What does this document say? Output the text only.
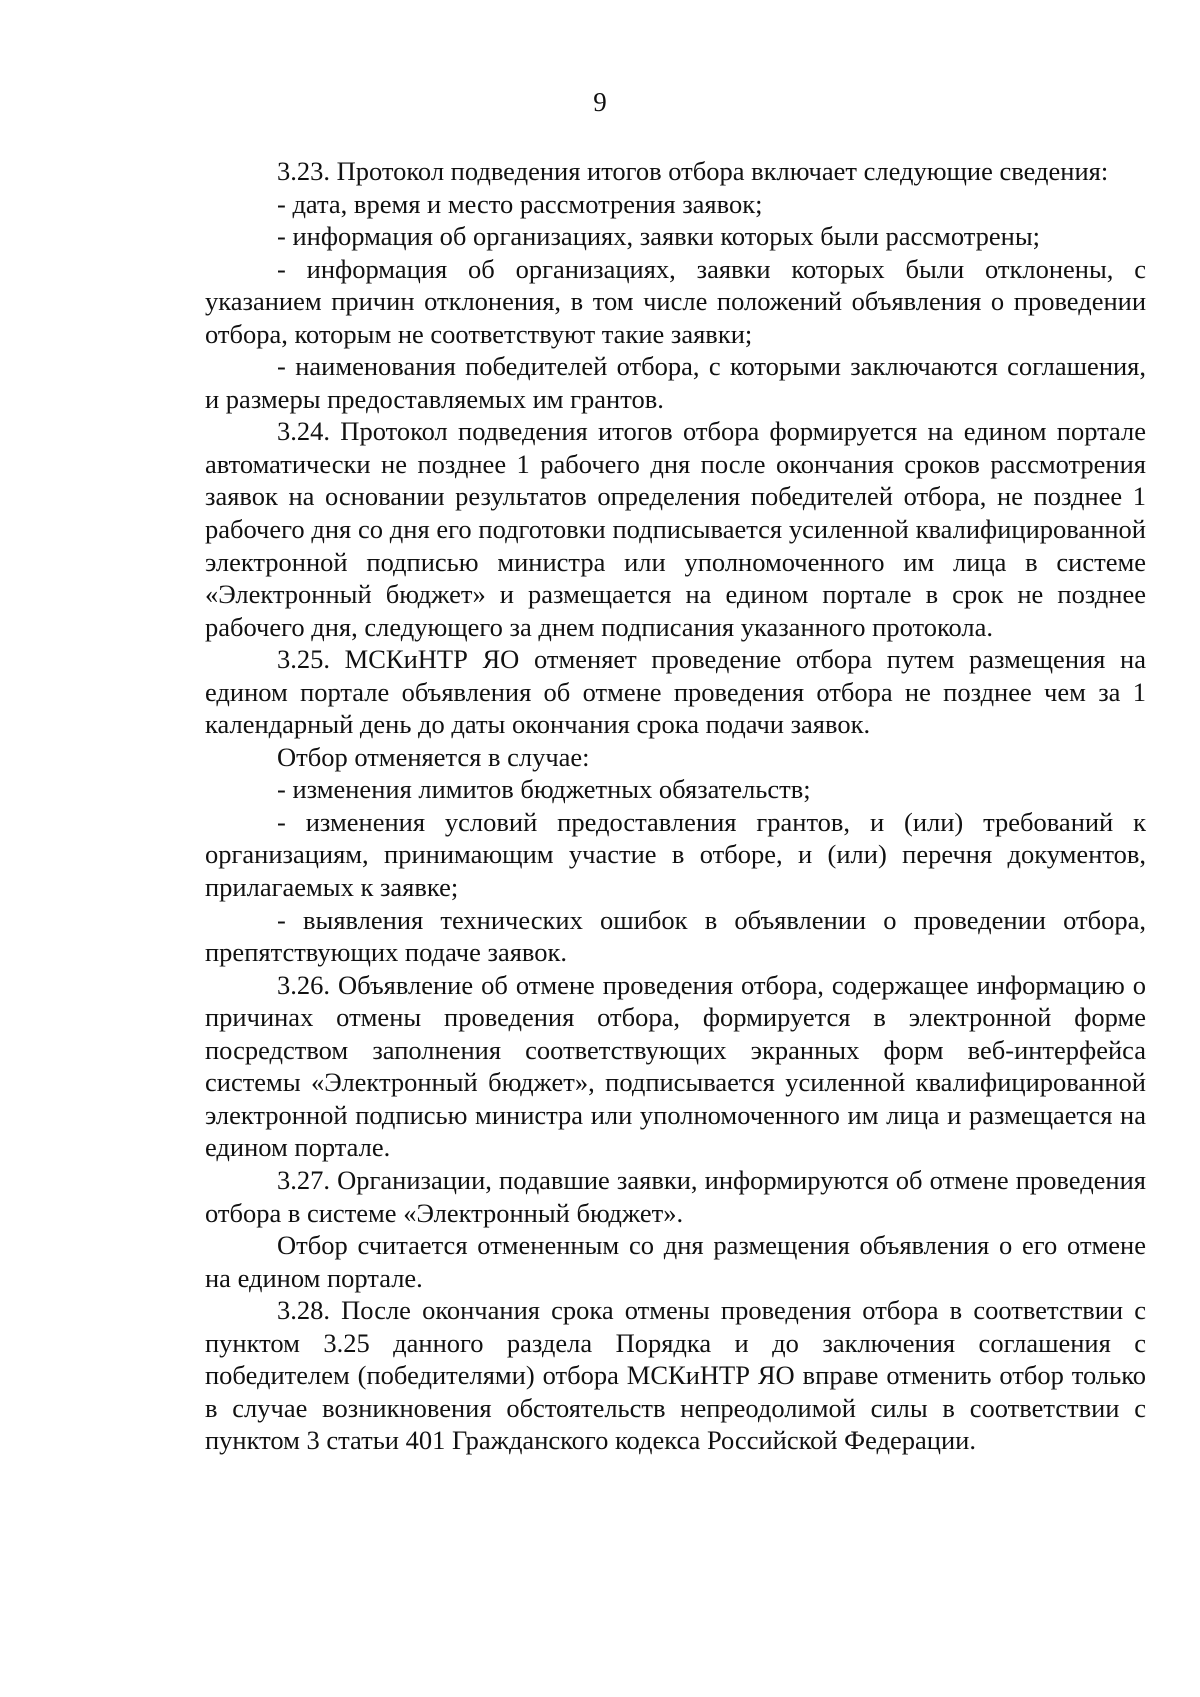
9

3.23. Протокол подведения итогов отбора включает следующие сведения:

- дата, время и место рассмотрения заявок;

- информация об организациях, заявки которых были рассмотрены;

- информация об организациях, заявки которых были отклонены, с указанием причин отклонения, в том числе положений объявления о проведении отбора, которым не соответствуют такие заявки;

- наименования победителей отбора, с которыми заключаются соглашения, и размеры предоставляемых им грантов.

3.24. Протокол подведения итогов отбора формируется на едином портале автоматически не позднее 1 рабочего дня после окончания сроков рассмотрения заявок на основании результатов определения победителей отбора, не позднее 1 рабочего дня со дня его подготовки подписывается усиленной квалифицированной электронной подписью министра или уполномоченного им лица в системе «Электронный бюджет» и размещается на едином портале в срок не позднее рабочего дня, следующего за днем подписания указанного протокола.

3.25. МСКиНТР ЯО отменяет проведение отбора путем размещения на едином портале объявления об отмене проведения отбора не позднее чем за 1 календарный день до даты окончания срока подачи заявок.

Отбор отменяется в случае:

- изменения лимитов бюджетных обязательств;

- изменения условий предоставления грантов, и (или) требований к организациям, принимающим участие в отборе, и (или) перечня документов, прилагаемых к заявке;

- выявления технических ошибок в объявлении о проведении отбора, препятствующих подаче заявок.

3.26. Объявление об отмене проведения отбора, содержащее информацию о причинах отмены проведения отбора, формируется в электронной форме посредством заполнения соответствующих экранных форм веб-интерфейса системы «Электронный бюджет», подписывается усиленной квалифицированной электронной подписью министра или уполномоченного им лица и размещается на едином портале.

3.27. Организации, подавшие заявки, информируются об отмене проведения отбора в системе «Электронный бюджет».

Отбор считается отмененным со дня размещения объявления о его отмене на едином портале.

3.28. После окончания срока отмены проведения отбора в соответствии с пунктом 3.25 данного раздела Порядка и до заключения соглашения с победителем (победителями) отбора МСКиНТР ЯО вправе отменить отбор только в случае возникновения обстоятельств непреодолимой силы в соответствии с пунктом 3 статьи 401 Гражданского кодекса Российской Федерации.
